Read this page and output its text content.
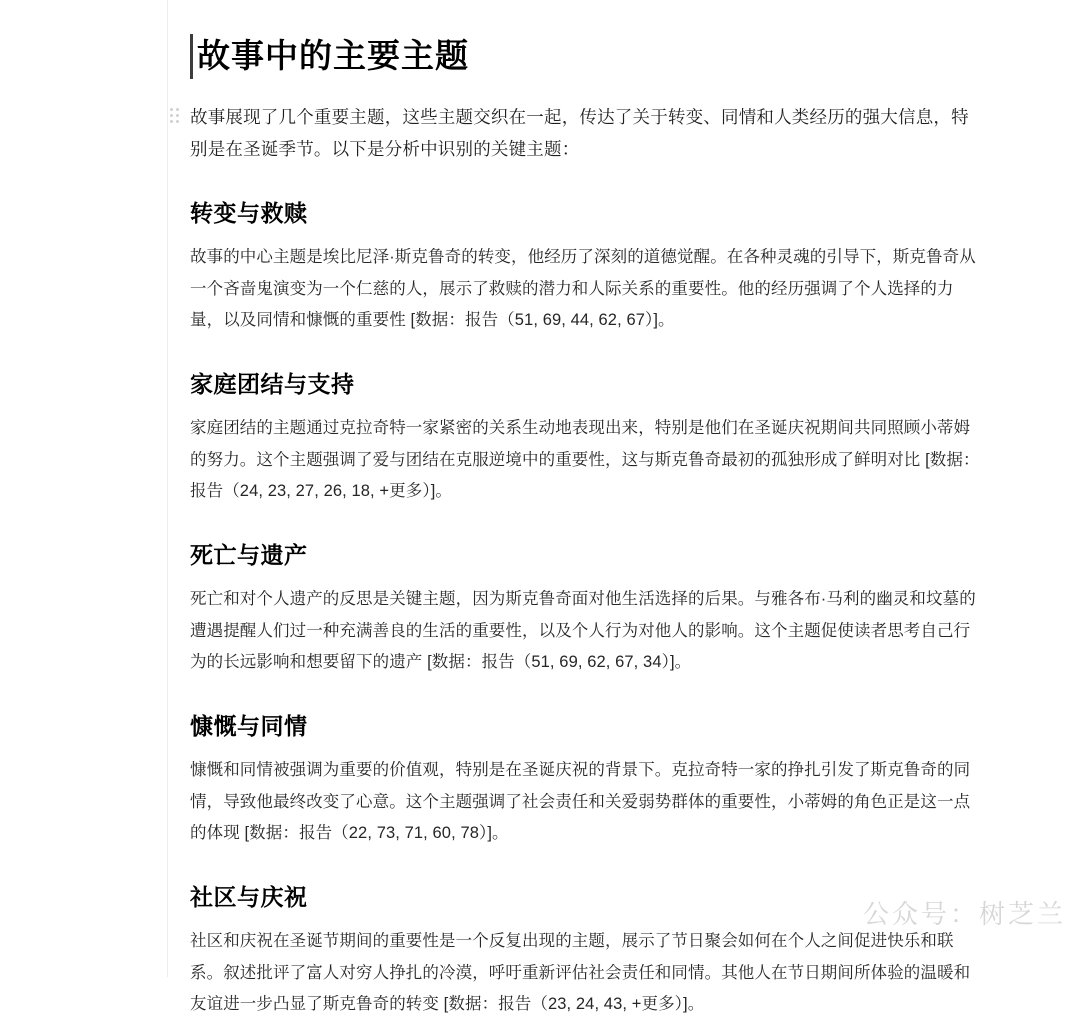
故事中的主要主题

故事展现了几个重要主题，这些主题交织在一起，传达了关于转变、同情和人类经历的强大信息，特别是在圣诞季节。以下是分析中识别的关键主题：

转变与救赎

故事的中心主题是埃比尼泽·斯克鲁奇的转变，他经历了深刻的道德觉醒。在各种灵魂的引导下，斯克鲁奇从一个吝啬鬼演变为一个仁慈的人，展示了救赎的潜力和人际关系的重要性。他的经历强调了个人选择的力量，以及同情和慷慨的重要性 [数据：报告（51, 69, 44, 62, 67）]。

家庭团结与支持

家庭团结的主题通过克拉奇特一家紧密的关系生动地表现出来，特别是他们在圣诞庆祝期间共同照顾小蒂姆的努力。这个主题强调了爱与团结在克服逆境中的重要性，这与斯克鲁奇最初的孤独形成了鲜明对比 [数据：报告（24, 23, 27, 26, 18, +更多）]。

死亡与遗产

死亡和对个人遗产的反思是关键主题，因为斯克鲁奇面对他生活选择的后果。与雅各布·马利的幽灵和坟墓的遭遇提醒人们过一种充满善良的生活的重要性，以及个人行为对他人的影响。这个主题促使读者思考自己行为的长远影响和想要留下的遗产 [数据：报告（51, 69, 62, 67, 34）]。

慷慨与同情

慷慨和同情被强调为重要的价值观，特别是在圣诞庆祝的背景下。克拉奇特一家的挣扎引发了斯克鲁奇的同情，导致他最终改变了心意。这个主题强调了社会责任和关爱弱势群体的重要性，小蒂姆的角色正是这一点的体现 [数据：报告（22, 73, 71, 60, 78）]。

社区与庆祝

社区和庆祝在圣诞节期间的重要性是一个反复出现的主题，展示了节日聚会如何在个人之间促进快乐和联系。叙述批评了富人对穷人挣扎的冷漠，呼吁重新评估社会责任和同情。其他人在节日期间所体验的温暖和友谊进一步凸显了斯克鲁奇的转变 [数据：报告（23, 24, 43, +更多）]。

公众号：树芝兰
